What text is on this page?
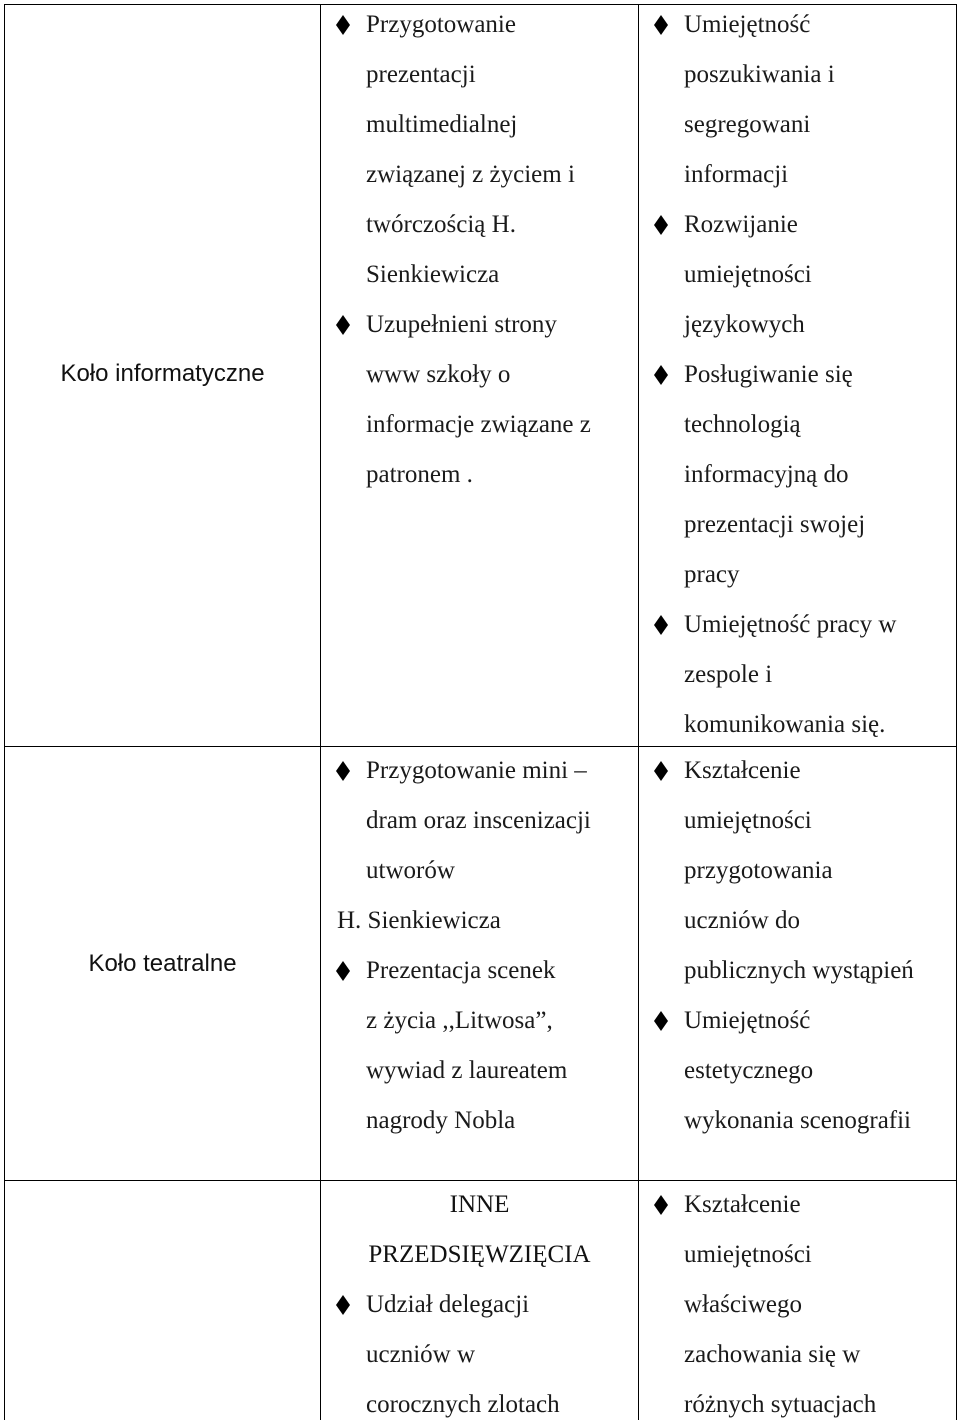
Koło informatyczne
Przygotowanie
prezentacji
multimedialnej
związanej z życiem i
twórczością H.
Sienkiewicza
Uzupełnieni strony
www szkoły o
informacje związane z
patronem .
Umiejętność
poszukiwania i
segregowani
informacji
Rozwijanie
umiejętności
językowych
Posługiwanie się
technologią
informacyjną do
prezentacji swojej
pracy
Umiejętność pracy w
zespole i
komunikowania się.
Koło teatralne
Przygotowanie mini –
dram oraz inscenizacji
utworów
H. Sienkiewicza
Prezentacja scenek
z życia ,,Litwosa”,
wywiad z laureatem
nagrody Nobla
Kształcenie
umiejętności
przygotowania
uczniów do
publicznych wystąpień
Umiejętność
estetycznego
wykonania scenografii
INNE
PRZEDSIĘWZIĘCIA
Udział delegacji
uczniów w
corocznych zlotach
Kształcenie
umiejętności
właściwego
zachowania się w
różnych sytuacjach
